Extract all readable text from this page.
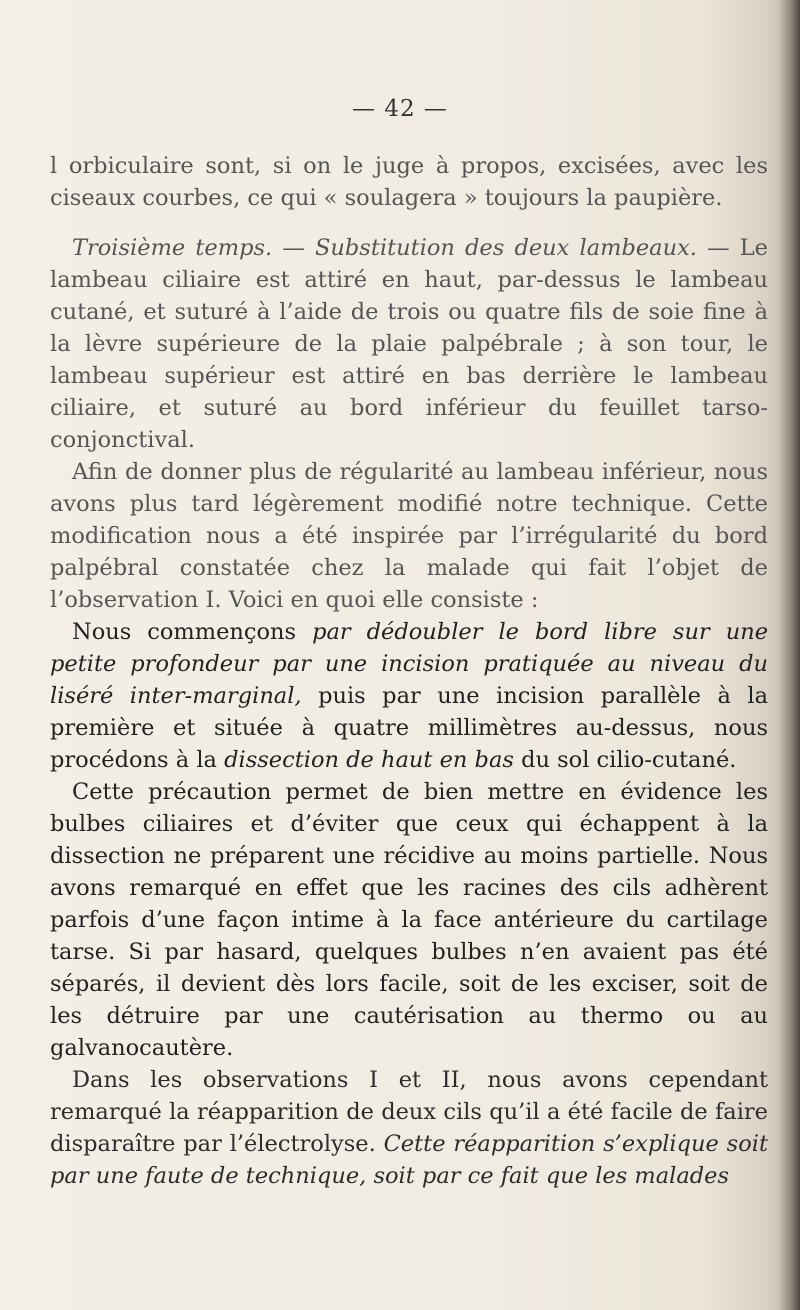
— 42 —

l orbiculaire sont, si on le juge à propos, excisées, avec les ciseaux courbes, ce qui « soulagera » toujours la paupière.

Troisième temps. — Substitution des deux lambeaux. — Le lambeau ciliaire est attiré en haut, par-dessus le lambeau cutané, et suturé à l’aide de trois ou quatre fils de soie fine à la lèvre supérieure de la plaie palpébrale ; à son tour, le lambeau supérieur est attiré en bas derrière le lambeau ciliaire, et suturé au bord inférieur du feuillet tarso-conjonctival.

Afin de donner plus de régularité au lambeau inférieur, nous avons plus tard légèrement modifié notre technique. Cette modification nous a été inspirée par l’irrégularité du bord palpébral constatée chez la malade qui fait l’objet de l’observation I. Voici en quoi elle consiste :

Nous commençons par dédoubler le bord libre sur une petite profondeur par une incision pratiquée au niveau du liséré inter-marginal, puis par une incision parallèle à la première et située à quatre millimètres au-dessus, nous procédons à la dissection de haut en bas du sol cilio-cutané.

Cette précaution permet de bien mettre en évidence les bulbes ciliaires et d’éviter que ceux qui échappent à la dissection ne préparent une récidive au moins partielle. Nous avons remarqué en effet que les racines des cils adhèrent parfois d’une façon intime à la face antérieure du cartilage tarse. Si par hasard, quelques bulbes n’en avaient pas été séparés, il devient dès lors facile, soit de les exciser, soit de les détruire par une cautérisation au thermo ou au galvanocautère.

Dans les observations I et II, nous avons cependant remarqué la réapparition de deux cils qu’il a été facile de faire disparaître par l’électrolyse. Cette réapparition s’explique soit par une faute de technique, soit par ce fait que les malades
